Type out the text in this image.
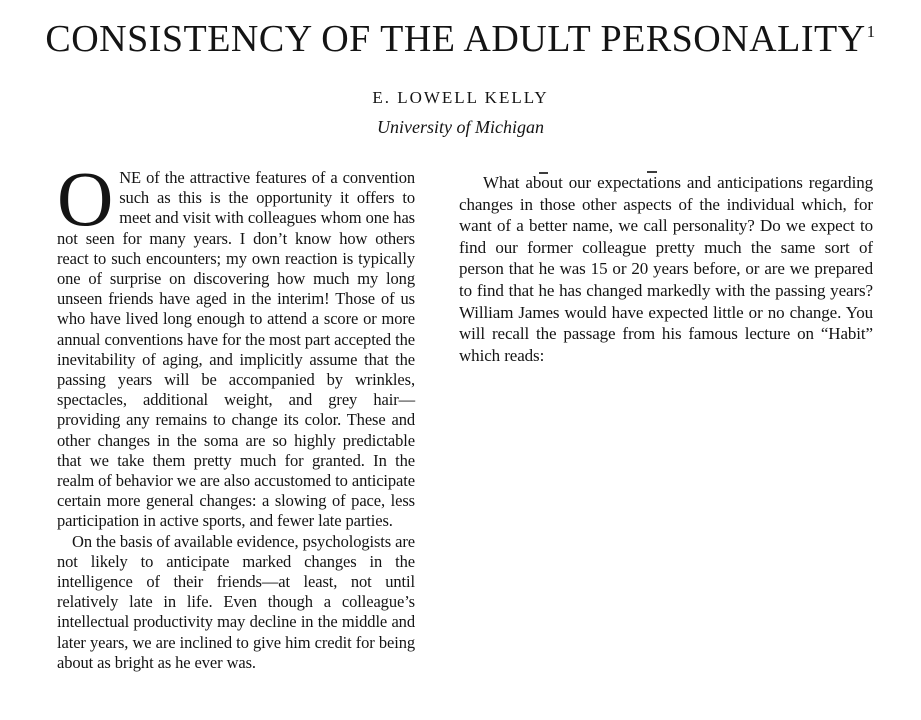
CONSISTENCY OF THE ADULT PERSONALITY$^1$
E. LOWELL KELLY
University of Michigan

ONE of the attractive features of a convention such as this is the opportunity it offers to meet and visit with colleagues whom one has not seen for many years. I don’t know how others react to such encounters; my own reaction is typically one of surprise on discovering how much my long unseen friends have aged in the interim! Those of us who have lived long enough to attend a score or more annual conventions have for the most part accepted the inevitability of aging, and implicitly assume that the passing years will be accompanied by wrinkles, spectacles, additional weight, and grey hair—providing any remains to change its color. These and other changes in the soma are so highly predictable that we take them pretty much for granted. In the realm of behavior we are also accustomed to anticipate certain more general changes: a slowing of pace, less participation in active sports, and fewer late parties.

On the basis of available evidence, psychologists are not likely to anticipate marked changes in the intelligence of their friends—at least, not until relatively late in life. Even though a colleague’s intellectual productivity may decline in the middle and later years, we are inclined to give him credit for being about as bright as he ever was.

What about our expectations and anticipations regarding changes in those other aspects of the individual which, for want of a better name, we call personality? Do we expect to find our former colleague pretty much the same sort of person that he was 15 or 20 years before, or are we prepared to find that he has changed markedly with the passing years? William James would have expected little or no change. You will recall the passage from his famous lecture on “Habit” which reads:
